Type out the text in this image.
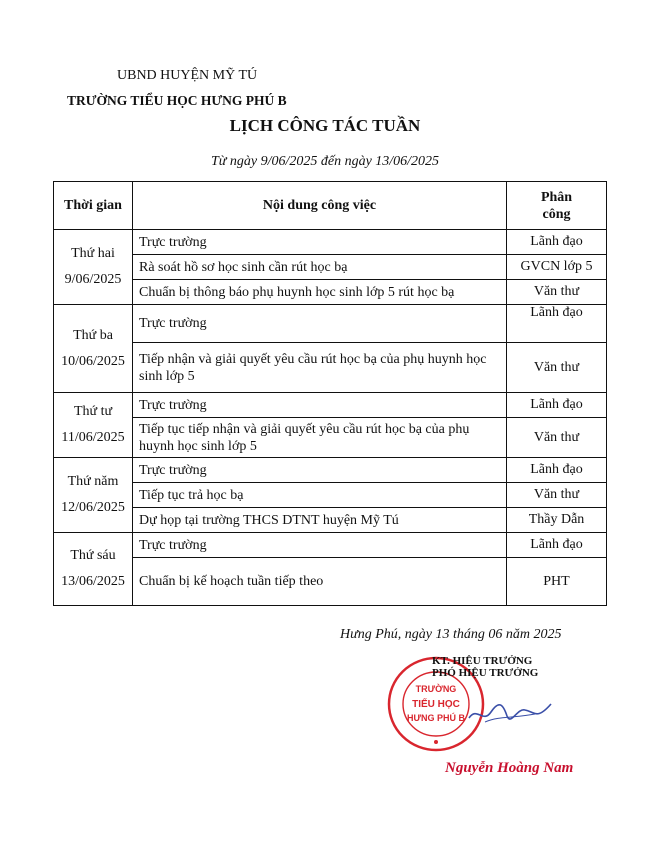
UBND HUYỆN MỸ TÚ
TRƯỜNG TIỂU HỌC HƯNG PHÚ B
LỊCH CÔNG TÁC TUẦN
Từ ngày 9/06/2025 đến ngày 13/06/2025
Thời gian	Nội dung công việc	Phân
công

Thứ hai
9/06/2025	Trực trường	Lãnh đạo
	Rà soát hồ sơ học sinh cần rút học bạ	GVCN lớp 5
	Chuẩn bị thông báo phụ huynh học sinh lớp 5 rút học bạ	Văn thư

Thứ ba
10/06/2025	Trực trường	Lãnh đạo
	Tiếp nhận và giải quyết yêu cầu rút học bạ của phụ huynh học sinh lớp 5	Văn thư

Thứ tư
11/06/2025	Trực trường	Lãnh đạo
	Tiếp tục tiếp nhận và giải quyết yêu cầu rút học bạ của phụ huynh học sinh lớp 5	Văn thư

Thứ năm
12/06/2025	Trực trường	Lãnh đạo
	Tiếp tục trả học bạ	Văn thư
	Dự họp tại trường THCS DTNT huyện Mỹ Tú	Thầy Dẫn

Thứ sáu
13/06/2025	Trực trường	Lãnh đạo
	Chuẩn bị kế hoạch tuần tiếp theo	PHT
Hưng Phú, ngày 13 tháng 06 năm 2025
TRƯỜNG
TIỂU HỌC
HƯNG PHÚ B
KT. HIỆU TRƯỞNG
PHÓ HIỆU TRƯỞNG
Nguyễn Hoàng Nam
